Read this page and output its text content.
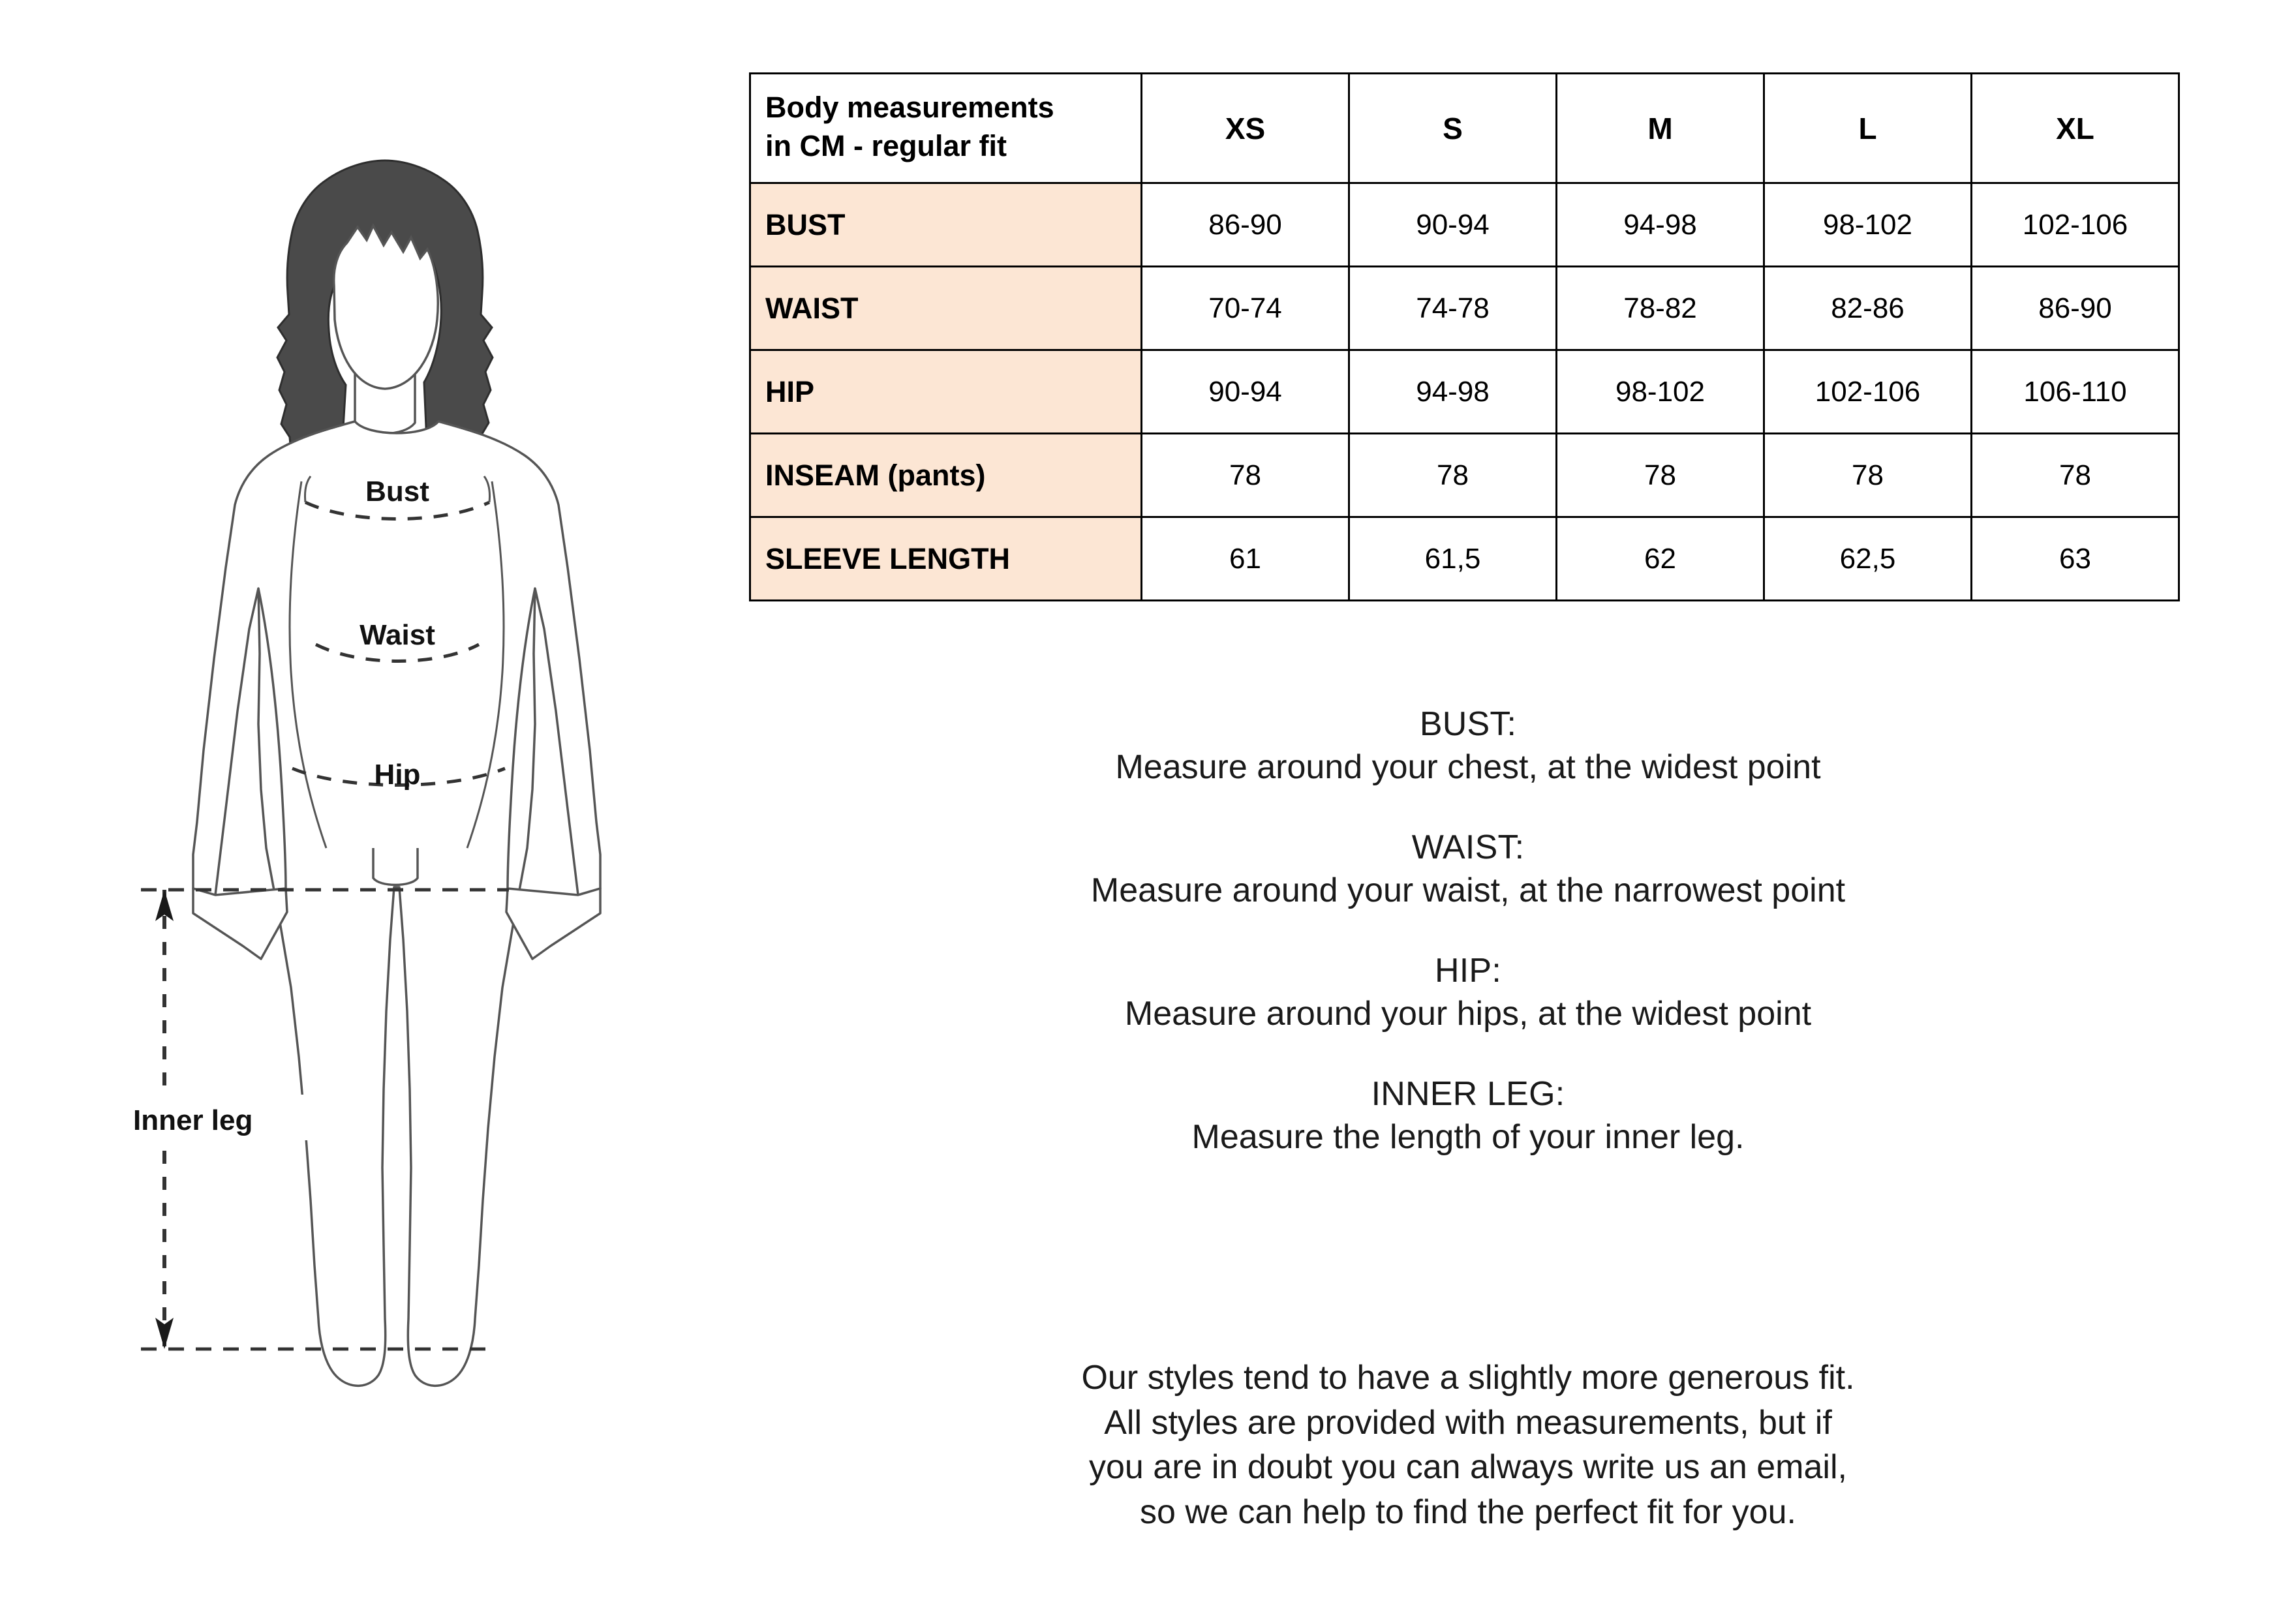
Bust
Waist
Hip
Inner leg
Body measurements
in CM - regular fit	XS	S	M	L	XL
BUST	86-90	90-94	94-98	98-102	102-106
WAIST	70-74	74-78	78-82	82-86	86-90
HIP	90-94	94-98	98-102	102-106	106-110
INSEAM (pants)	78	78	78	78	78
SLEEVE LENGTH	61	61,5	62	62,5	63
BUST:
Measure around your chest, at the widest point
WAIST:
Measure around your waist, at the narrowest point
HIP:
Measure around your hips, at the widest point
INNER LEG:
Measure the length of your inner leg.
Our styles tend to have a slightly more generous fit.
All styles are provided with measurements, but if
you are in doubt you can always write us an email,
so we can help to find the perfect fit for you.
